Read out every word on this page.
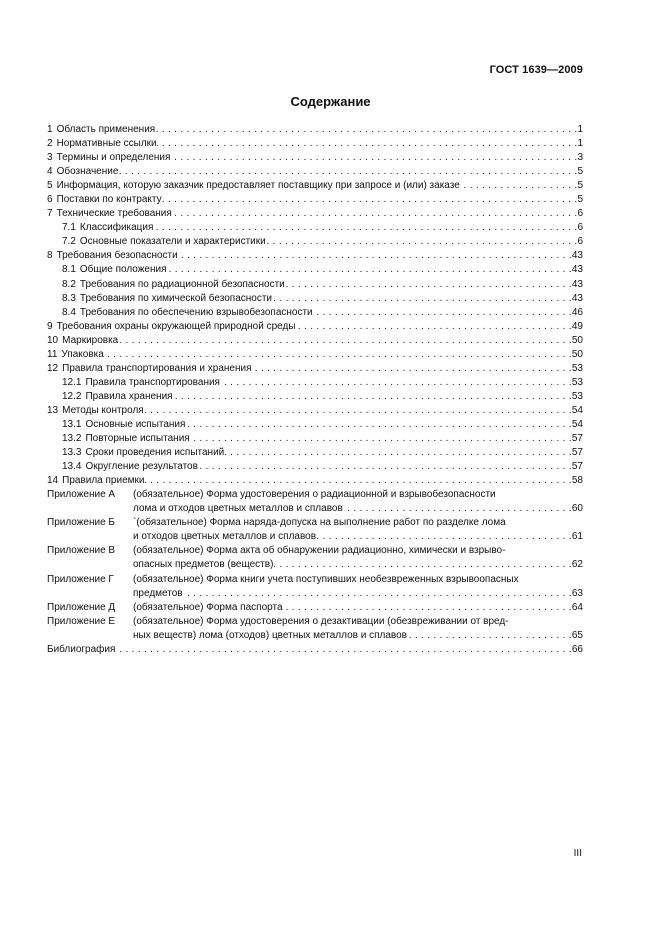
ГОСТ 1639—2009
Содержание
1 Область применения . . .	1
2 Нормативные ссылки . . .	1
3 Термины и определения . . .	3
4 Обозначение . . .	5
5 Информация, которую заказчик предоставляет поставщику при запросе и (или) заказе . . .	5
6 Поставки по контракту . . .	5
7 Технические требования . . .	6
7.1 Классификация . . .	6
7.2 Основные показатели и характеристики . . .	6
8 Требования безопасности . . .	43
8.1 Общие положения . . .	43
8.2 Требования по радиационной безопасности . . .	43
8.3 Требования по химической безопасности . . .	43
8.4 Требования по обеспечению взрывобезопасности . . .	46
9 Требования охраны окружающей природной среды . . .	49
10 Маркировка . . .	50
11 Упаковка . . .	50
12 Правила транспортирования и хранения . . .	53
12.1 Правила транспортирования . . .	53
12.2 Правила хранения . . .	53
13 Методы контроля . . .	54
13.1 Основные испытания . . .	54
13.2 Повторные испытания . . .	57
13.3 Сроки проведения испытаний . . .	57
13.4 Округление результатов . . .	57
14 Правила приемки . . .	58
Приложение А	(обязательное) Форма удостоверения о радиационной и взрывобезопасности
лома и отходов цветных металлов и сплавов . . .	60
Приложение Б	`(обязательное) Форма наряда-допуска на выполнение работ по разделке лома
и отходов цветных металлов и сплавов . . .	61
Приложение В	(обязательное) Форма акта об обнаружении радиационно, химически и взрыво-
опасных предметов (веществ) . . .	62
Приложение Г	(обязательное) Форма книги учета поступивших необезвреженных взрывоопасных
предметов . . .	63
Приложение Д	(обязательное) Форма паспорта . . .	64
Приложение Е	(обязательное) Форма удостоверения о дезактивации (обезвреживании от вред-
ных веществ) лома (отходов) цветных металлов и сплавов . . .	65
Библиография . . .	66
III
